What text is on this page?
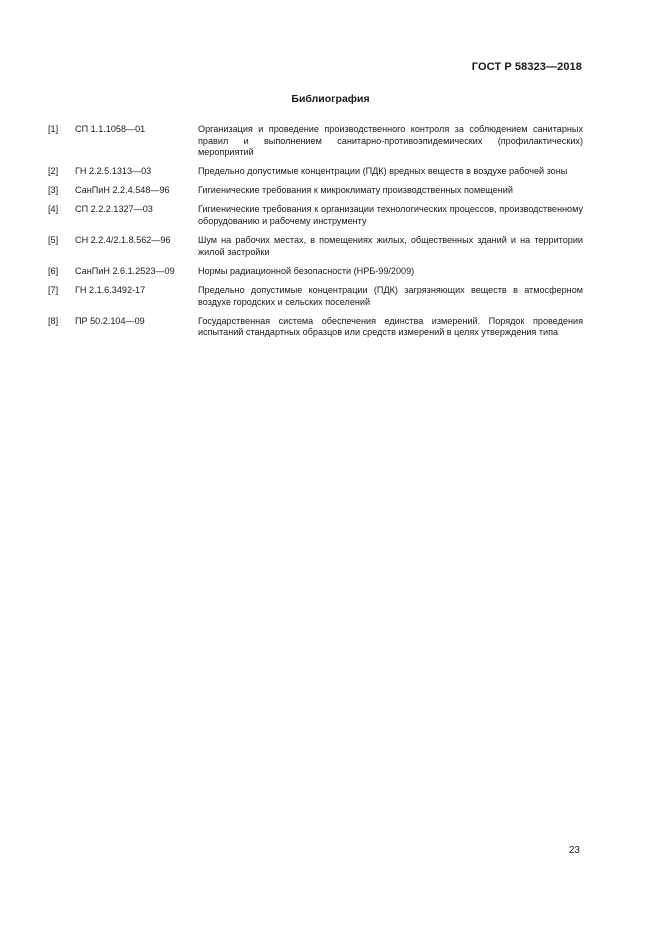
ГОСТ Р 58323—2018
Библиография
[1]	СП 1.1.1058—01	Организация и проведение производственного контроля за соблюдением санитарных правил и выполнением санитарно-противоэпидемических (профилактических) мероприятий
[2]	ГН 2.2.5.1313—03	Предельно допустимые концентрации (ПДК) вредных веществ в воздухе рабочей зоны
[3]	СанПиН 2.2.4.548—96	Гигиенические требования к микроклимату производственных помещений
[4]	СП 2.2.2.1327—03	Гигиенические требования к организации технологических процессов, производственному оборудованию и рабочему инструменту
[5]	СН 2.2.4/2.1.8.562—96	Шум на рабочих местах, в помещениях жилых, общественных зданий и на территории жилой застройки
[6]	СанПиН 2.6.1.2523—09	Нормы радиационной безопасности (НРБ-99/2009)
[7]	ГН 2.1.6.3492-17	Предельно допустимые концентрации (ПДК) загрязняющих веществ в атмосферном воздухе городских и сельских поселений
[8]	ПР 50.2.104—09	Государственная система обеспечения единства измерений. Порядок проведения испытаний стандартных образцов или средств измерений в целях утверждения типа
23
